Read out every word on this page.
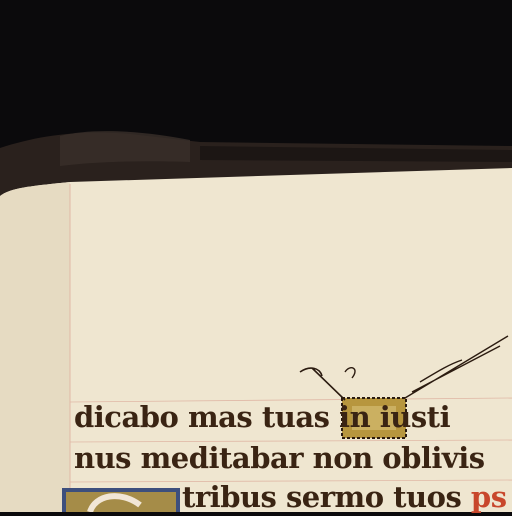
dicabo mas tuas in iusti
nus meditabar non oblivis
tribus sermo tuos ps
